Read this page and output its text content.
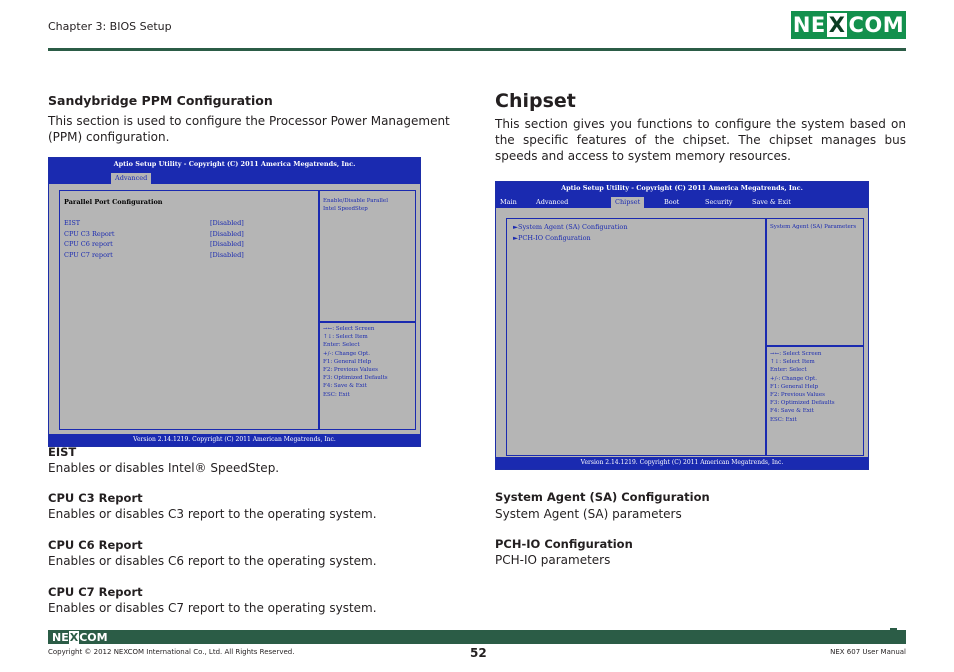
Chapter 3: BIOS Setup	NE X COM
Sandybridge PPM Configuration
This section is used to configure the Processor Power Management (PPM) configuration.
Aptio Setup Utility - Copyright (C) 2011 America Megatrends, Inc.
Advanced
Parallel Port Configuration
EIST	[Disabled]
CPU C3 Report	[Disabled]
CPU C6 report	[Disabled]
CPU C7 report	[Disabled]
Enable/Disable Parallel
Intel SpeedStep
→←: Select Screen
↑↓: Select Item
Enter: Select
+/-: Change Opt.
F1: General Help
F2: Previous Values
F3: Optimized Defaults
F4: Save & Exit
ESC: Exit
Version 2.14.1219. Copyright (C) 2011 American Megatrends, Inc.
EIST
Enables or disables Intel® SpeedStep.
CPU C3 Report
Enables or disables C3 report to the operating system.
CPU C6 Report
Enables or disables C6 report to the operating system.
CPU C7 Report
Enables or disables C7 report to the operating system.
Chipset
This section gives you functions to configure the system based on the specific features of the chipset. The chipset manages bus speeds and access to system memory resources.
Aptio Setup Utility - Copyright (C) 2011 America Megatrends, Inc.
Main	Advanced	Chipset	Boot	Security	Save & Exit
►System Agent (SA) Configuration
►PCH-IO Configuration
System Agent (SA) Parameters
→←: Select Screen
↑↓: Select Item
Enter: Select
+/-: Change Opt.
F1: General Help
F2: Previous Values
F3: Optimized Defaults
F4: Save & Exit
ESC: Exit
Version 2.14.1219. Copyright (C) 2011 American Megatrends, Inc.
System Agent (SA) Configuration
System Agent (SA) parameters
PCH-IO Configuration
PCH-IO parameters
NEXCOM
Copyright © 2012 NEXCOM International Co., Ltd. All Rights Reserved.	52	NEX 607 User Manual
